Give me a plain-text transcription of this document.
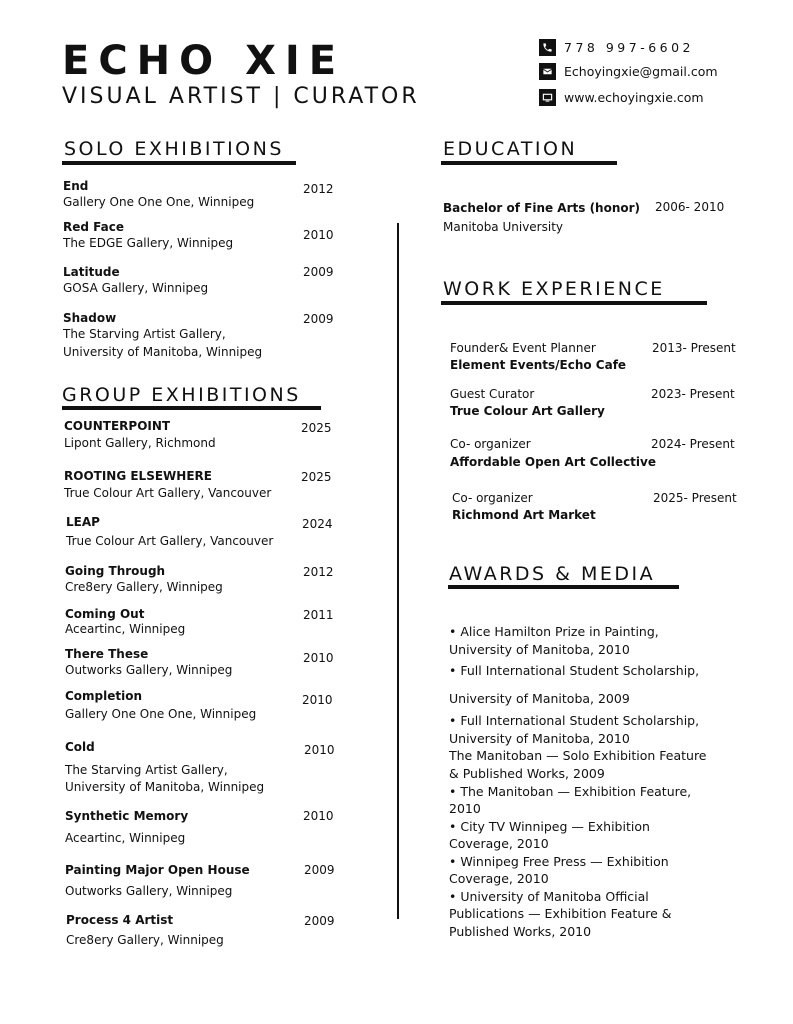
ECHO XIE
VISUAL ARTIST | CURATOR
778 997-6602
Echoyingxie@gmail.com
www.echoyingxie.com
SOLO EXHIBITIONS
GROUP EXHIBITIONS
EDUCATION
Bachelor of Fine Arts (honor)
Manitoba University
2006- 2010
WORK EXPERIENCE
AWARDS & MEDIA
End
Gallery One One One, Winnipeg
2012
Red Face
The EDGE Gallery, Winnipeg
2010
Latitude
GOSA Gallery, Winnipeg
2009
Shadow
The Starving Artist Gallery,
University of Manitoba, Winnipeg
2009
COUNTERPOINT
Lipont Gallery, Richmond
2025
ROOTING ELSEWHERE
True Colour Art Gallery, Vancouver
2025
LEAP
True Colour Art Gallery, Vancouver
2024
Going Through
Cre8ery Gallery, Winnipeg
2012
Coming Out
Aceartinc, Winnipeg
2011
There These
Outworks Gallery, Winnipeg
2010
Completion
Gallery One One One, Winnipeg
2010
Cold
The Starving Artist Gallery,
University of Manitoba, Winnipeg
2010
Synthetic Memory
Aceartinc, Winnipeg
2010
Painting Major Open House
Outworks Gallery, Winnipeg
2009
Process 4 Artist
Cre8ery Gallery, Winnipeg
2009
Founder& Event Planner
Element Events/Echo Cafe
2013- Present
Guest Curator
True Colour Art Gallery
2023- Present
Co- organizer
Affordable Open Art Collective
2024- Present
Co- organizer
Richmond Art Market
2025- Present
• Alice Hamilton Prize in Painting,
University of Manitoba, 2010
• Full International Student Scholarship,
University of Manitoba, 2009
• Full International Student Scholarship,
University of Manitoba, 2010
The Manitoban — Solo Exhibition Feature
& Published Works, 2009
• The Manitoban — Exhibition Feature,
2010
• City TV Winnipeg — Exhibition
Coverage, 2010
• Winnipeg Free Press — Exhibition
Coverage, 2010
• University of Manitoba Official
Publications — Exhibition Feature &
Published Works, 2010
